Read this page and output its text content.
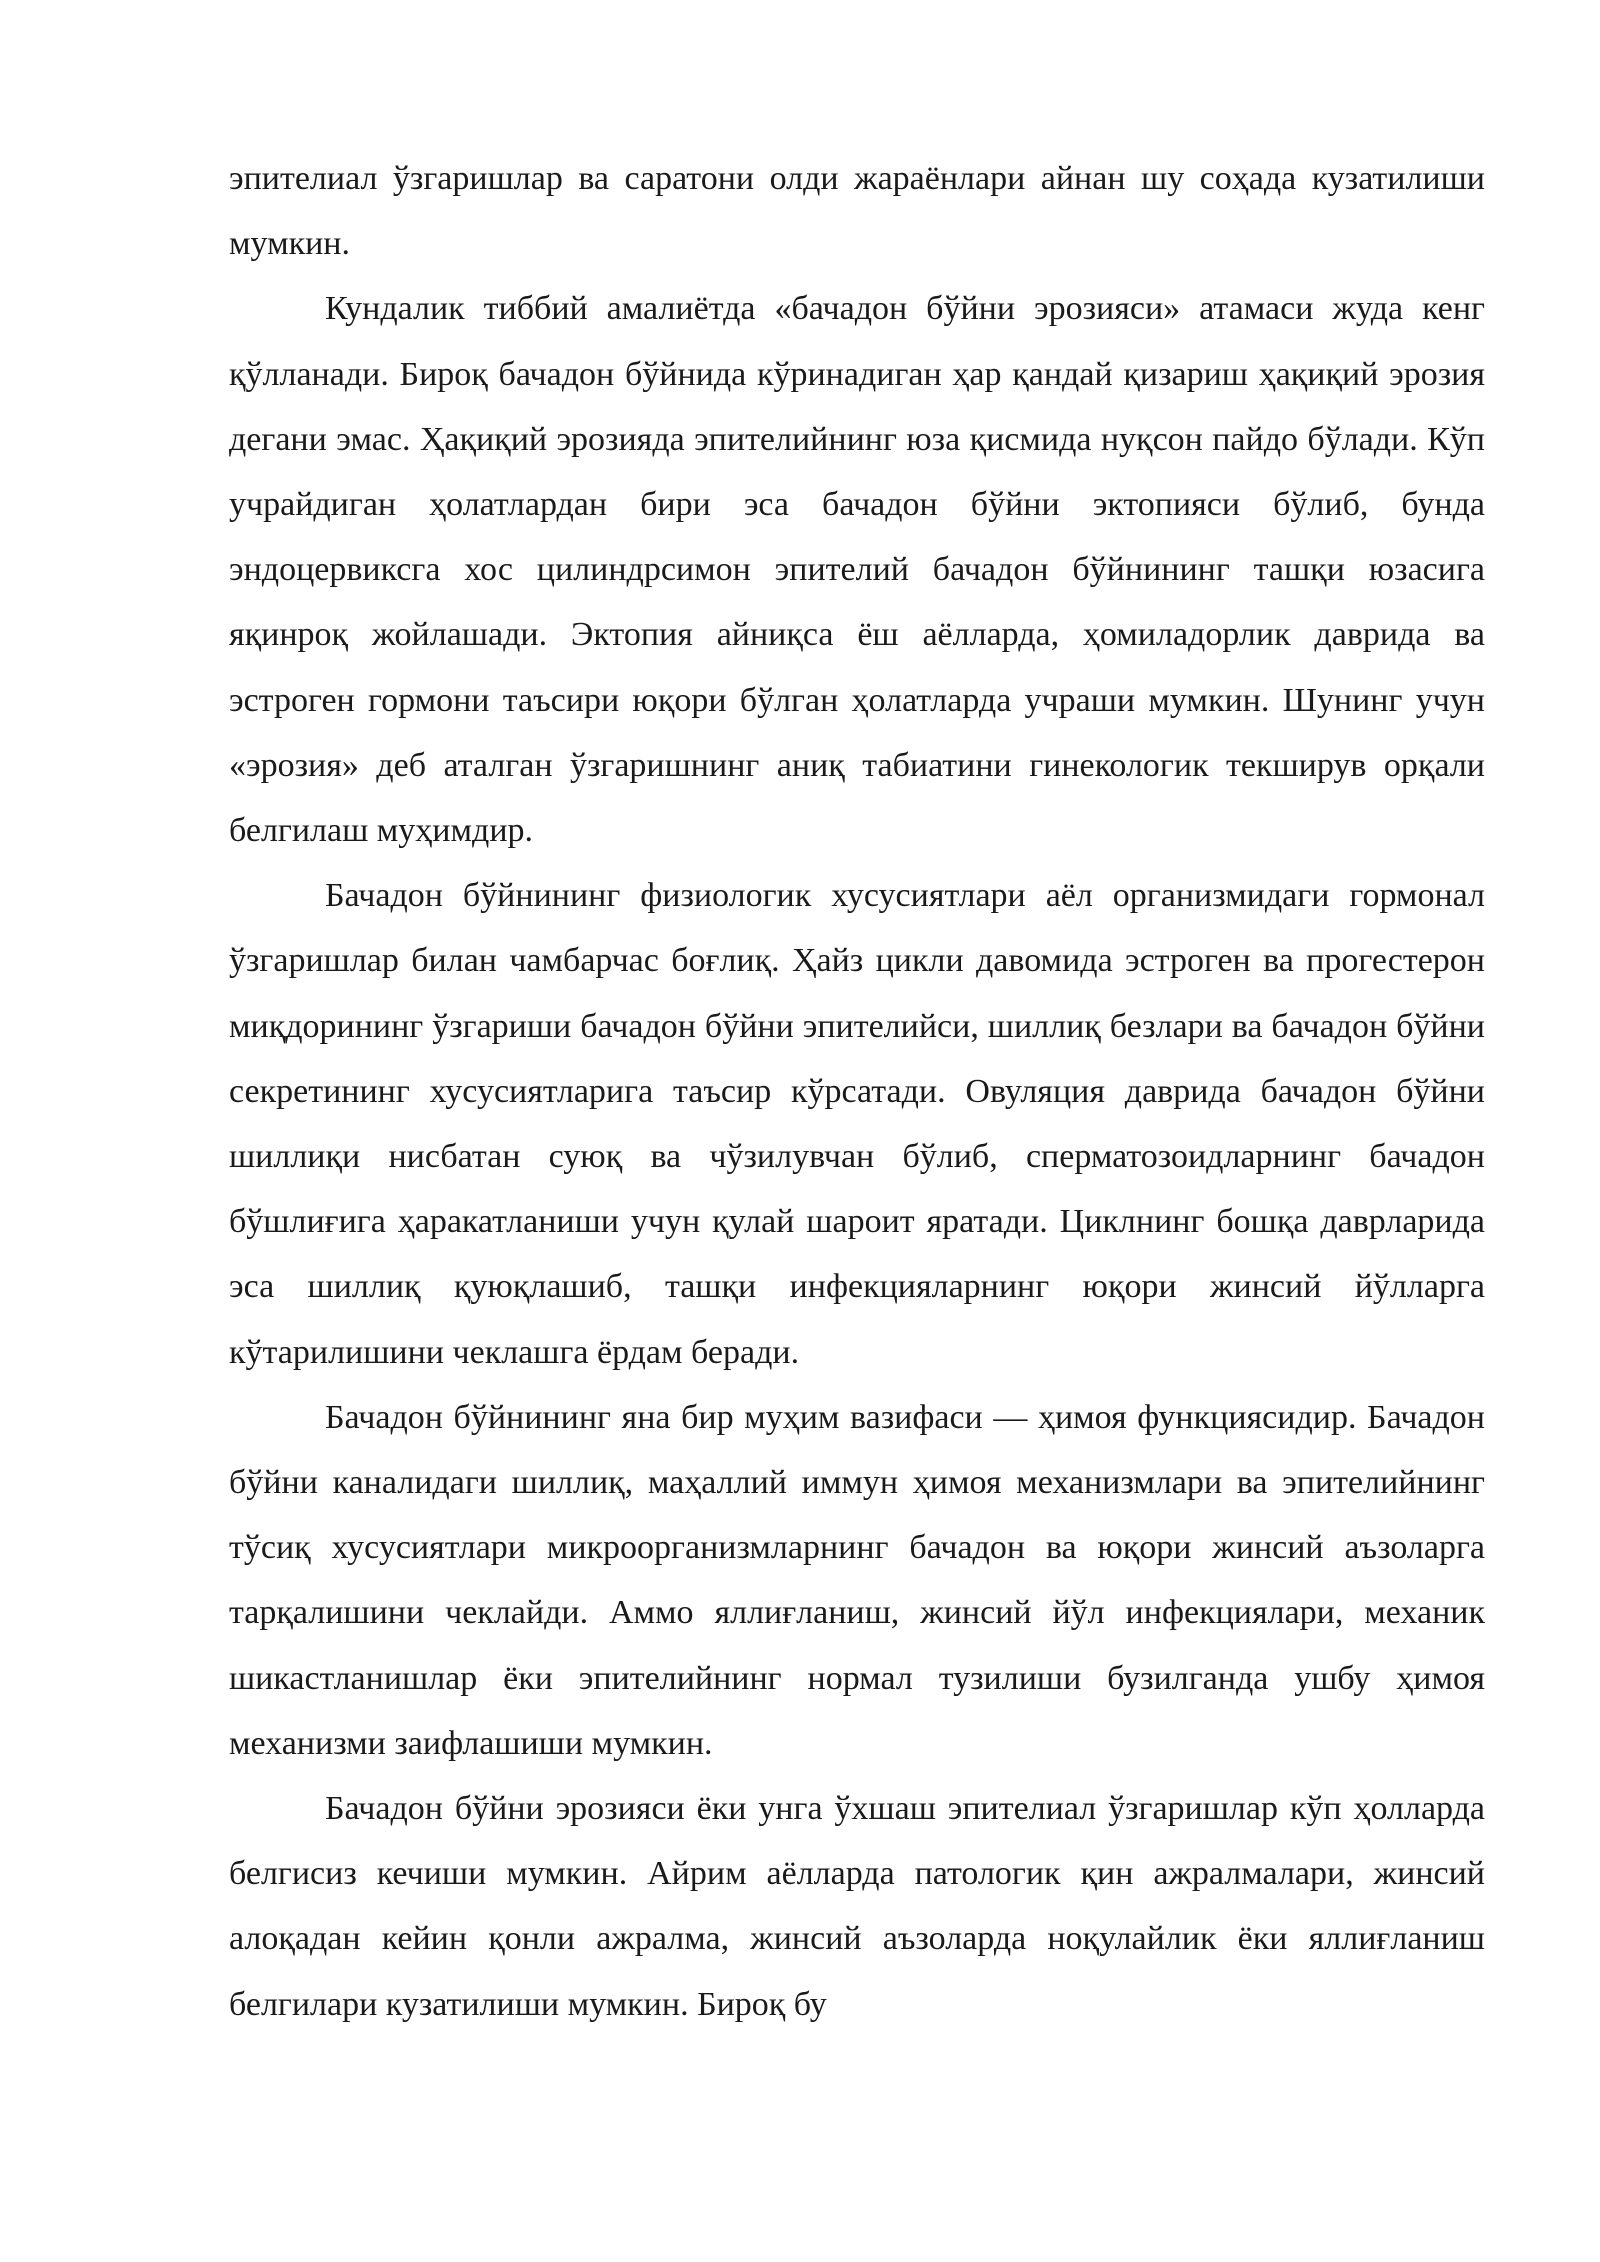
эпителиал ўзгаришлар ва саратони олди жараёнлари айнан шу соҳада кузатилиши мумкин.

Кундалик тиббий амалиётда «бачадон бўйни эрозияси» атамаси жуда кенг қўлланади. Бироқ бачадон бўйнида кўринадиган ҳар қандай қизариш ҳақиқий эрозия дегани эмас. Ҳақиқий эрозияда эпителийнинг юза қисмида нуқсон пайдо бўлади. Кўп учрайдиган ҳолатлардан бири эса бачадон бўйни эктопияси бўлиб, бунда эндоцервиксга хос цилиндрсимон эпителий бачадон бўйнининг ташқи юзасига яқинроқ жойлашади. Эктопия айниқса ёш аёлларда, ҳомиладорлик даврида ва эстроген гормони таъсири юқори бўлган ҳолатларда учраши мумкин. Шунинг учун «эрозия» деб аталган ўзгаришнинг аниқ табиатини гинекологик текширув орқали белгилаш муҳимдир.

Бачадон бўйнининг физиологик хусусиятлари аёл организмидаги гормонал ўзгаришлар билан чамбарчас боғлиқ. Ҳайз цикли давомида эстроген ва прогестерон миқдорининг ўзгариши бачадон бўйни эпителийси, шиллиқ безлари ва бачадон бўйни секретининг хусусиятларига таъсир кўрсатади. Овуляция даврида бачадон бўйни шиллиқи нисбатан суюқ ва чўзилувчан бўлиб, сперматозоидларнинг бачадон бўшлиғига ҳаракатланиши учун қулай шароит яратади. Циклнинг бошқа даврларида эса шиллиқ қуюқлашиб, ташқи инфекцияларнинг юқори жинсий йўлларга кўтарилишини чеклашга ёрдам беради.

Бачадон бўйнининг яна бир муҳим вазифаси — ҳимоя функциясидир. Бачадон бўйни каналидаги шиллиқ, маҳаллий иммун ҳимоя механизмлари ва эпителийнинг тўсиқ хусусиятлари микроорганизмларнинг бачадон ва юқори жинсий аъзоларга тарқалишини чеклайди. Аммо яллиғланиш, жинсий йўл инфекциялари, механик шикастланишлар ёки эпителийнинг нормал тузилиши бузилганда ушбу ҳимоя механизми заифлашиши мумкин.

Бачадон бўйни эрозияси ёки унга ўхшаш эпителиал ўзгаришлар кўп ҳолларда белгисиз кечиши мумкин. Айрим аёлларда патологик қин ажралмалари, жинсий алоқадан кейин қонли ажралма, жинсий аъзоларда ноқулайлик ёки яллиғланиш белгилари кузатилиши мумкин. Бироқ бу
